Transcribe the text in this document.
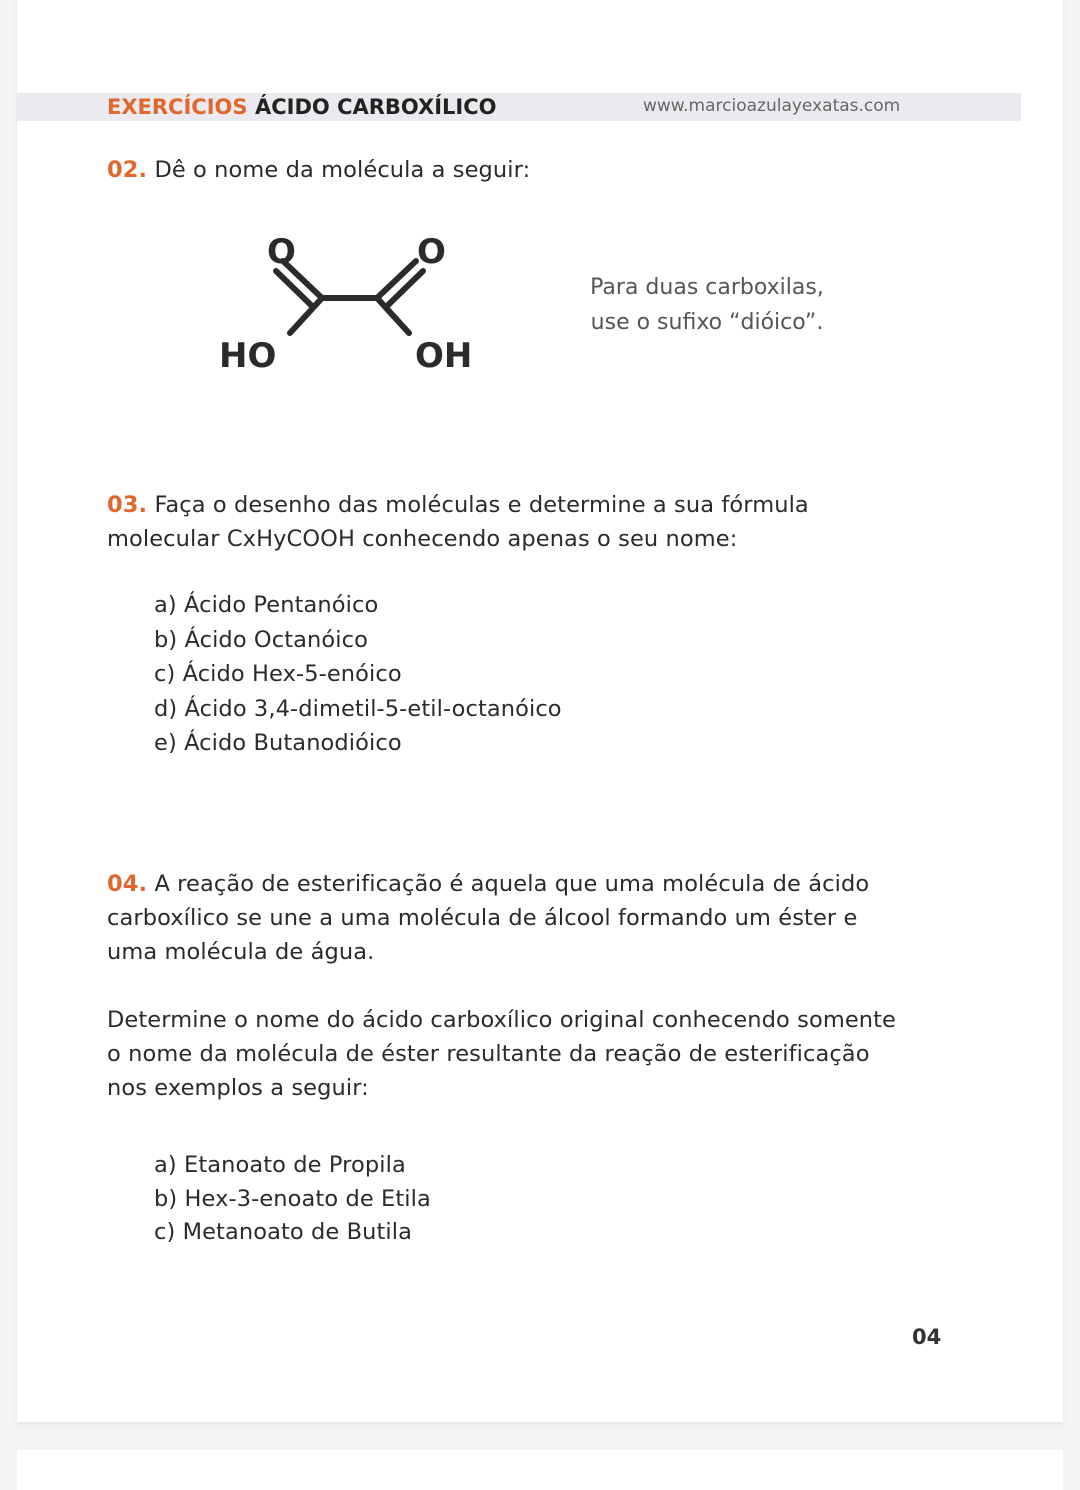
EXERCÍCIOS ÁCIDO CARBOXÍLICO	www.marcioazulayexatas.com
02. Dê o nome da molécula a seguir:
O	O
HO	OH
Para duas carboxilas,
use o sufixo “dióico”.
03. Faça o desenho das moléculas e determine a sua fórmula
molecular CxHyCOOH conhecendo apenas o seu nome:
a) Ácido Pentanóico
b) Ácido Octanóico
c) Ácido Hex-5-enóico
d) Ácido 3,4-dimetil-5-etil-octanóico
e) Ácido Butanodióico
04. A reação de esterificação é aquela que uma molécula de ácido
carboxílico se une a uma molécula de álcool formando um éster e
uma molécula de água.
Determine o nome do ácido carboxílico original conhecendo somente
o nome da molécula de éster resultante da reação de esterificação
nos exemplos a seguir:
a) Etanoato de Propila
b) Hex-3-enoato de Etila
c) Metanoato de Butila
04
